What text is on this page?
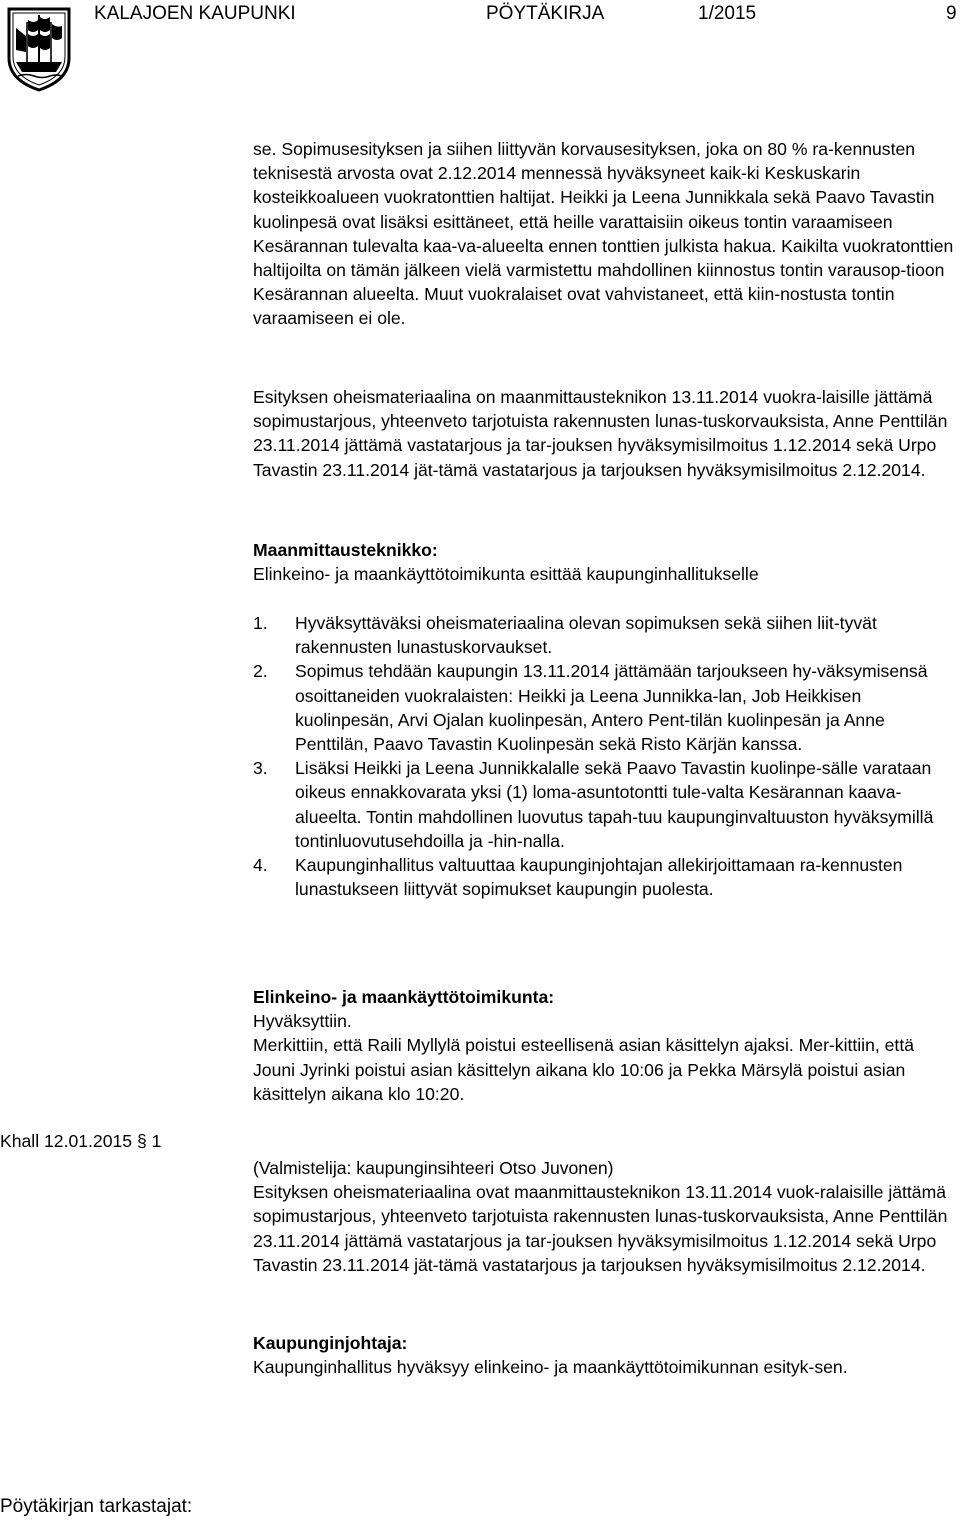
KALAJOEN KAUPUNKI	PÖYTÄKIRJA	1/2015	9

se. Sopimusesityksen ja siihen liittyvän korvausesityksen, joka on 80 % ra-kennusten teknisestä arvosta ovat 2.12.2014 mennessä hyväksyneet kaik-ki Keskuskarin kosteikkoalueen vuokratonttien haltijat. Heikki ja Leena Junnikkala sekä Paavo Tavastin kuolinpesä ovat lisäksi esittäneet, että heille varattaisiin oikeus tontin varaamiseen Kesärannan tulevalta kaa-va-alueelta ennen tonttien julkista hakua. Kaikilta vuokratonttien haltijoilta on tämän jälkeen vielä varmistettu mahdollinen kiinnostus tontin varausop-tioon Kesärannan alueelta. Muut vuokralaiset ovat vahvistaneet, että kiin-nostusta tontin varaamiseen ei ole.

Esityksen oheismateriaalina on maanmittausteknikon 13.11.2014 vuokra-laisille jättämä sopimustarjous, yhteenveto tarjotuista rakennusten lunas-tuskorvauksista, Anne Penttilän 23.11.2014 jättämä vastatarjous ja tar-jouksen hyväksymisilmoitus 1.12.2014 sekä Urpo Tavastin 23.11.2014 jät-tämä vastatarjous ja tarjouksen hyväksymisilmoitus 2.12.2014.

Maanmittausteknikko:

Elinkeino- ja maankäyttötoimikunta esittää kaupunginhallitukselle

1. Hyväksyttäväksi oheismateriaalina olevan sopimuksen sekä siihen liit-tyvät rakennusten lunastuskorvaukset.
2. Sopimus tehdään kaupungin 13.11.2014 jättämään tarjoukseen hy-väksymisensä osoittaneiden vuokralaisten: Heikki ja Leena Junnikka-lan, Job Heikkisen kuolinpesän, Arvi Ojalan kuolinpesän, Antero Pent-tilän kuolinpesän ja Anne Penttilän, Paavo Tavastin Kuolinpesän sekä Risto Kärjän kanssa.
3. Lisäksi Heikki ja Leena Junnikkalalle sekä Paavo Tavastin kuolinpe-sälle varataan oikeus ennakkovarata yksi (1) loma-asuntotontti tule-valta Kesärannan kaava-alueelta. Tontin mahdollinen luovutus tapah-tuu kaupunginvaltuuston hyväksymillä tontinluovutusehdoilla ja -hin-nalla.
4. Kaupunginhallitus valtuuttaa kaupunginjohtajan allekirjoittamaan ra-kennusten lunastukseen liittyvät sopimukset kaupungin puolesta.

Elinkeino- ja maankäyttötoimikunta:

Hyväksyttiin.

Merkittiin, että Raili Myllylä poistui esteellisenä asian käsittelyn ajaksi. Mer-kittiin, että Jouni Jyrinki poistui asian käsittelyn aikana klo 10:06 ja Pekka Märsylä poistui asian käsittelyn aikana klo 10:20.

Khall 12.01.2015 § 1

(Valmistelija: kaupunginsihteeri Otso Juvonen)

Esityksen oheismateriaalina ovat maanmittausteknikon 13.11.2014 vuok-ralaisille jättämä sopimustarjous, yhteenveto tarjotuista rakennusten lunas-tuskorvauksista, Anne Penttilän 23.11.2014 jättämä vastatarjous ja tar-jouksen hyväksymisilmoitus 1.12.2014 sekä Urpo Tavastin 23.11.2014 jät-tämä vastatarjous ja tarjouksen hyväksymisilmoitus 2.12.2014.

Kaupunginjohtaja:

Kaupunginhallitus hyväksyy elinkeino- ja maankäyttötoimikunnan esityk-sen.

Pöytäkirjan tarkastajat:
